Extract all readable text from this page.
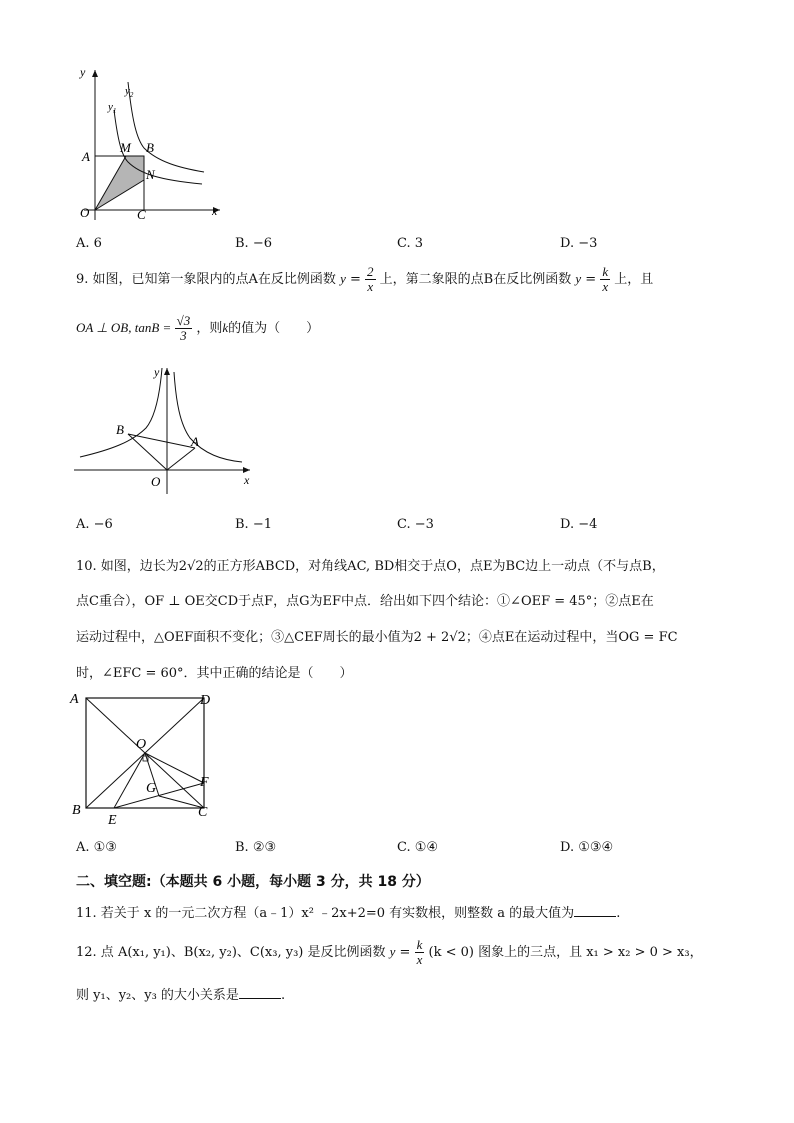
y
$y_1$
$y_2$
A
M B
N
O	C	x
A. 6	B. −6	C. 3	D. −3
9. 如图，已知第一象限内的点A在反比例函数 $y = \frac{2}{x}$ 上，第二象限的点B在反比例函数 $y = \frac{k}{x}$ 上，且
OA ⊥ OB, $\tan B = \frac{√3}{3}$ ，则k的值为（　　）
y
B
A
O	x
A. −6	B. −1	C. −3	D. −4
10. 如图，边长为2√2的正方形ABCD，对角线AC, BD相交于点O，点E为BC边上一动点（不与点B，
点C重合），OF ⊥ OE交CD于点F，点G为EF中点．给出如下四个结论：①∠OEF = 45°；②点E在
运动过程中，△OEF面积不变化；③△CEF周长的最小值为2 + 2√2；④点E在运动过程中，当OG = FC
时，∠EFC = 60°．其中正确的结论是（　　）
A	D
O
F
G
B
E
C
A. ①③	B. ②③	C. ①④	D. ①③④
二、填空题:（本题共 6 小题，每小题 3 分，共 18 分）
11. 若关于 x 的一元二次方程（a﹣1）x² ﹣2x+2=0 有实数根，则整数 a 的最大值为	.
12. 点 A(x₁, y₁)、B(x₂, y₂)、C(x₃, y₃) 是反比例函数 $y = \frac{k}{x} (k < 0)$ 图象上的三点，且 x₁ > x₂ > 0 > x₃，
则 y₁、y₂、y₃ 的大小关系是	.
